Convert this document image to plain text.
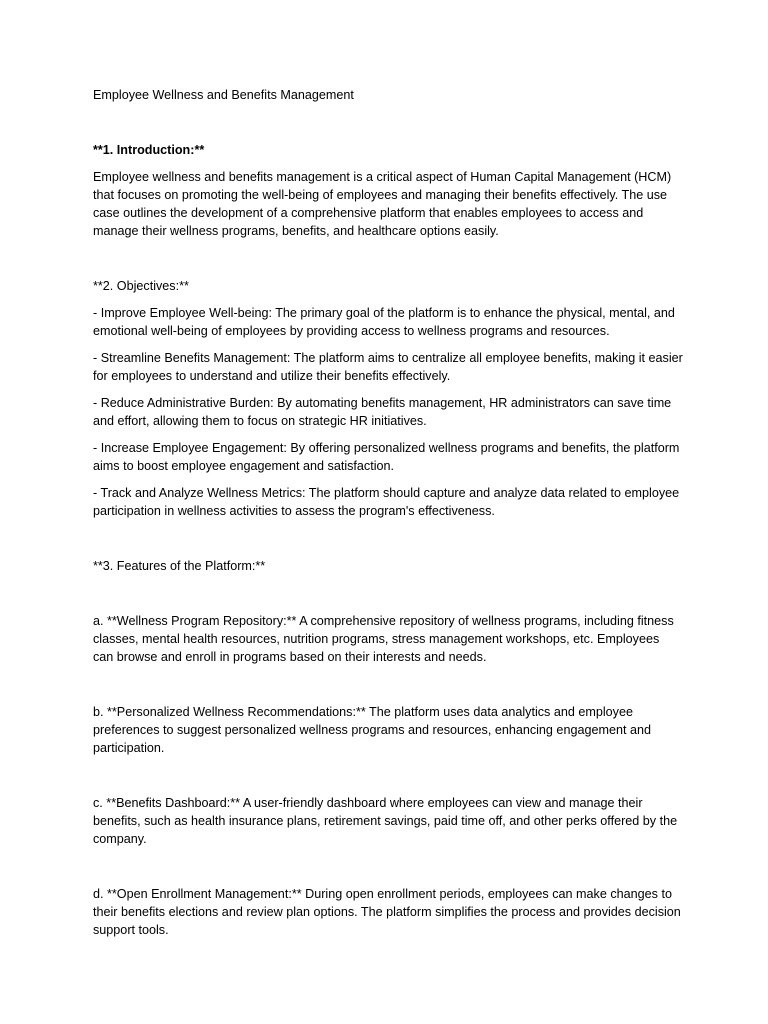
Employee Wellness and Benefits Management

**1. Introduction:**

Employee wellness and benefits management is a critical aspect of Human Capital Management (HCM) that focuses on promoting the well-being of employees and managing their benefits effectively. The use case outlines the development of a comprehensive platform that enables employees to access and manage their wellness programs, benefits, and healthcare options easily.

**2. Objectives:**

- Improve Employee Well-being: The primary goal of the platform is to enhance the physical, mental, and emotional well-being of employees by providing access to wellness programs and resources.

- Streamline Benefits Management: The platform aims to centralize all employee benefits, making it easier for employees to understand and utilize their benefits effectively.

- Reduce Administrative Burden: By automating benefits management, HR administrators can save time and effort, allowing them to focus on strategic HR initiatives.

- Increase Employee Engagement: By offering personalized wellness programs and benefits, the platform aims to boost employee engagement and satisfaction.

- Track and Analyze Wellness Metrics: The platform should capture and analyze data related to employee participation in wellness activities to assess the program's effectiveness.

**3. Features of the Platform:**

a. **Wellness Program Repository:** A comprehensive repository of wellness programs, including fitness classes, mental health resources, nutrition programs, stress management workshops, etc. Employees can browse and enroll in programs based on their interests and needs.

b. **Personalized Wellness Recommendations:** The platform uses data analytics and employee preferences to suggest personalized wellness programs and resources, enhancing engagement and participation.

c. **Benefits Dashboard:** A user-friendly dashboard where employees can view and manage their benefits, such as health insurance plans, retirement savings, paid time off, and other perks offered by the company.

d. **Open Enrollment Management:** During open enrollment periods, employees can make changes to their benefits elections and review plan options. The platform simplifies the process and provides decision support tools.
